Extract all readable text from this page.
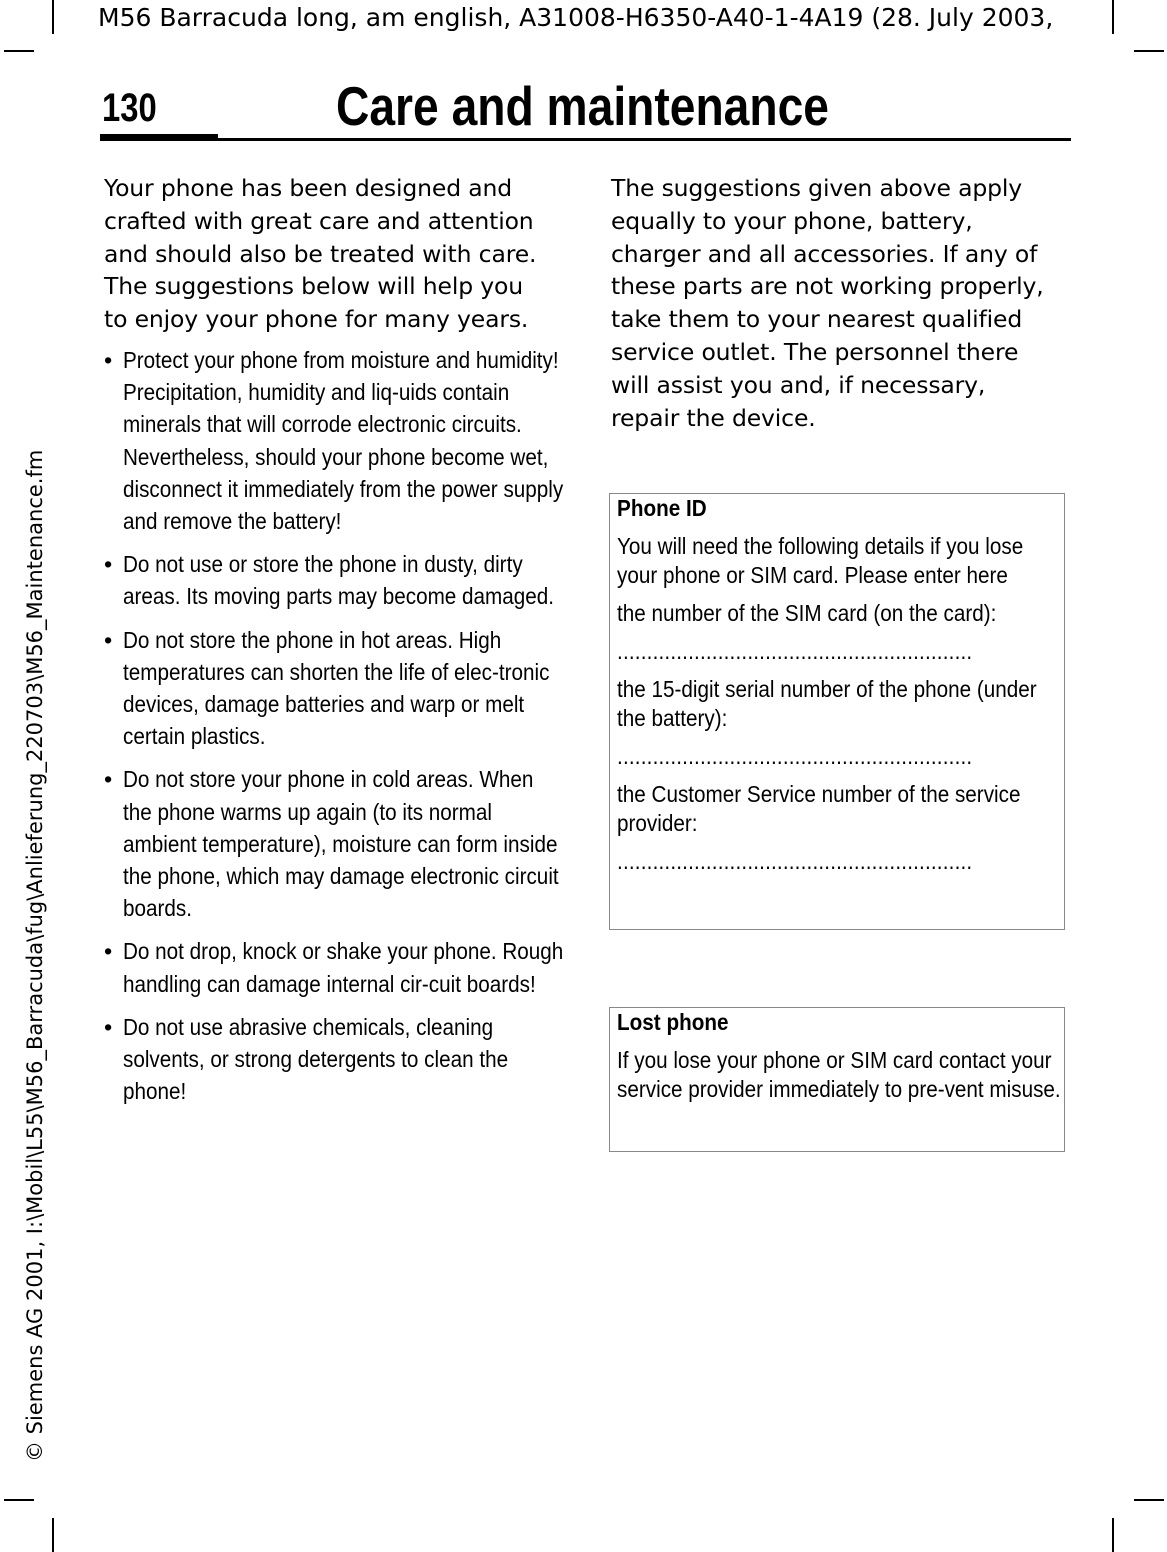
M56 Barracuda long, am english, A31008-H6350-A40-1-4A19 (28. July 2003,
© Siemens AG 2001, I:\Mobil\L55\M56_Barracuda\fug\Anlieferung_220703\M56_Maintenance.fm
130	Care and maintenance
Your phone has been designed and
crafted with great care and attention
and should also be treated with care.
The suggestions below will help you
to enjoy your phone for many years.
• Protect your phone from moisture and humidity! Precipitation, humidity and liq-uids contain minerals that will corrode electronic circuits. Nevertheless, should your phone become wet, disconnect it immediately from the power supply and remove the battery!
• Do not use or store the phone in dusty, dirty areas. Its moving parts may become damaged.
• Do not store the phone in hot areas. High temperatures can shorten the life of elec-tronic devices, damage batteries and warp or melt certain plastics.
• Do not store your phone in cold areas. When the phone warms up again (to its normal ambient temperature), moisture can form inside the phone, which may damage electronic circuit boards.
• Do not drop, knock or shake your phone. Rough handling can damage internal cir-cuit boards!
• Do not use abrasive chemicals, cleaning solvents, or strong detergents to clean the phone!
The suggestions given above apply
equally to your phone, battery,
charger and all accessories. If any of
these parts are not working properly,
take them to your nearest qualified
service outlet. The personnel there
will assist you and, if necessary,
repair the device.

Phone ID

You will need the following details if you lose your phone or SIM card. Please enter here

the number of the SIM card (on the card):

............................................................

the 15-digit serial number of the phone (under the battery):

............................................................

the Customer Service number of the service provider:

............................................................

Lost phone

If you lose your phone or SIM card contact your service provider immediately to pre-vent misuse.
